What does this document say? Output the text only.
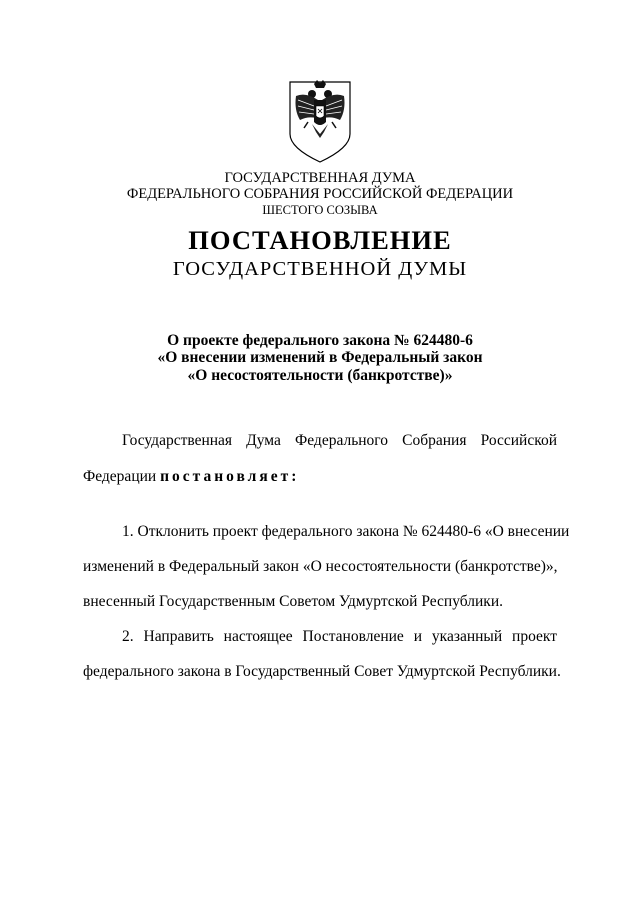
ГОСУДАРСТВЕННАЯ ДУМА
ФЕДЕРАЛЬНОГО СОБРАНИЯ РОССИЙСКОЙ ФЕДЕРАЦИИ
ШЕСТОГО СОЗЫВА
ПОСТАНОВЛЕНИЕ
ГОСУДАРСТВЕННОЙ ДУМЫ
О проекте федерального закона № 624480-6
«О внесении изменений в Федеральный закон
«О несостоятельности (банкротстве)»
Государственная Дума Федерального Собрания Российской
Федерации постановляет:
1. Отклонить проект федерального закона № 624480-6 «О внесении
изменений в Федеральный закон «О несостоятельности (банкротстве)»,
внесенный Государственным Советом Удмуртской Республики.
2. Направить настоящее Постановление и указанный проект
федерального закона в Государственный Совет Удмуртской Республики.
